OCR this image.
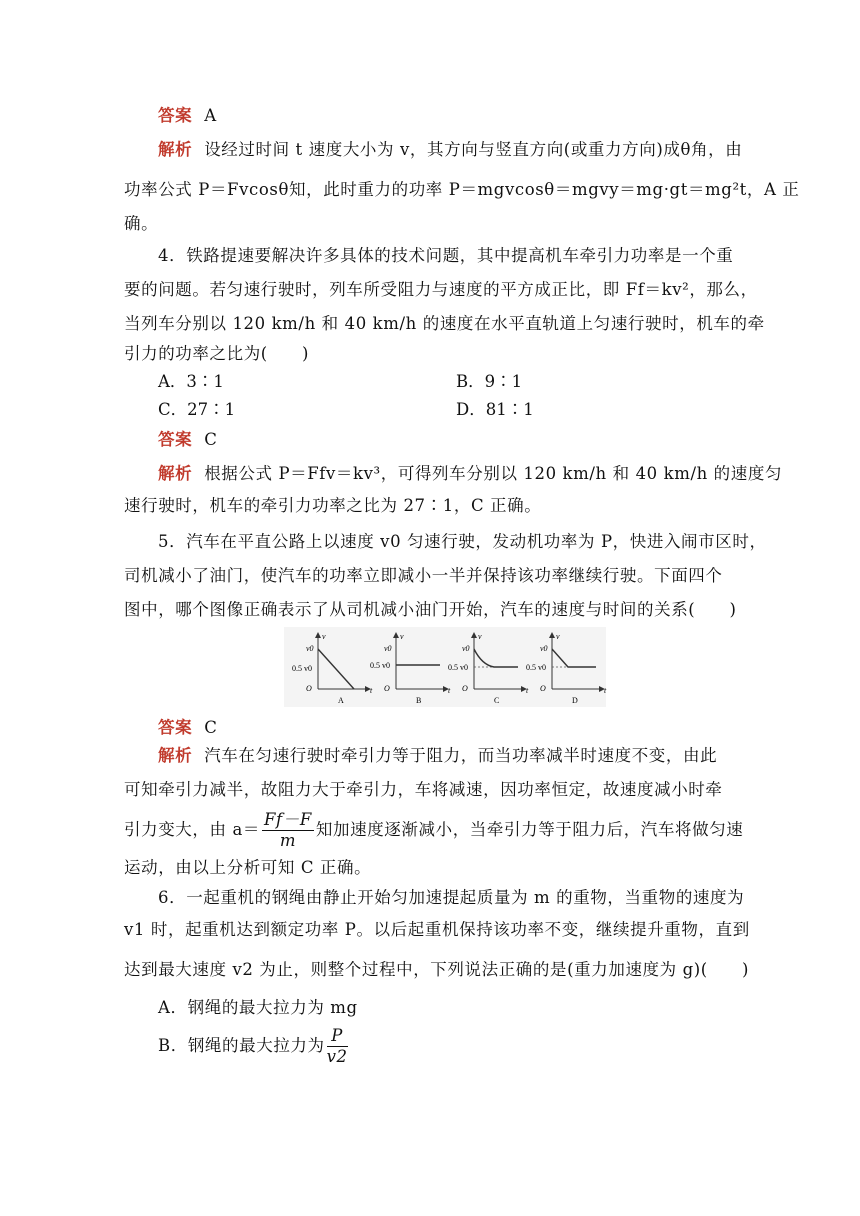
答案 A
解析 设经过时间 t 速度大小为 v，其方向与竖直方向(或重力方向)成θ角，由
功率公式 P＝Fvcosθ知，此时重力的功率 P＝mgvcosθ＝mgvy＝mg·gt＝mg²t，A 正
确。
4．铁路提速要解决许多具体的技术问题，其中提高机车牵引力功率是一个重
要的问题。若匀速行驶时，列车所受阻力与速度的平方成正比，即 Ff＝kv²，那么，
当列车分别以 120 km/h 和 40 km/h 的速度在水平直轨道上匀速行驶时，机车的牵
引力的功率之比为(　　)
A．3∶1	B．9∶1
C．27∶1	D．81∶1
答案 C
解析 根据公式 P＝Ffv＝kv³，可得列车分别以 120 km/h 和 40 km/h 的速度匀
速行驶时，机车的牵引力功率之比为 27∶1，C 正确。
5．汽车在平直公路上以速度 v0 匀速行驶，发动机功率为 P，快进入闹市区时，
司机减小了油门，使汽车的功率立即减小一半并保持该功率继续行驶。下面四个
图中，哪个图像正确表示了从司机减小油门开始，汽车的速度与时间的关系(　　)
v
t
O
v0
0.5 v0
A
v
t
O
v0
0.5 v0
B
v
t
O
v0
0.5 v0
C
v
t
O
v0
0.5 v0
D
答案 C
解析 汽车在匀速行驶时牵引力等于阻力，而当功率减半时速度不变，由此
可知牵引力减半，故阻力大于牵引力，车将减速，因功率恒定，故速度减小时牵
引力变大，由 $a= \frac{Ff-F}{m}$ 知加速度逐渐减小，当牵引力等于阻力后，汽车将做匀速
运动，由以上分析可知 C 正确。
6．一起重机的钢绳由静止开始匀加速提起质量为 m 的重物，当重物的速度为
v1 时，起重机达到额定功率 P。以后起重机保持该功率不变，继续提升重物，直到
达到最大速度 v2 为止，则整个过程中，下列说法正确的是(重力加速度为 g)(　　)
A．钢绳的最大拉力为 mg
B．钢绳的最大拉力为 $\frac{P}{v2}$
